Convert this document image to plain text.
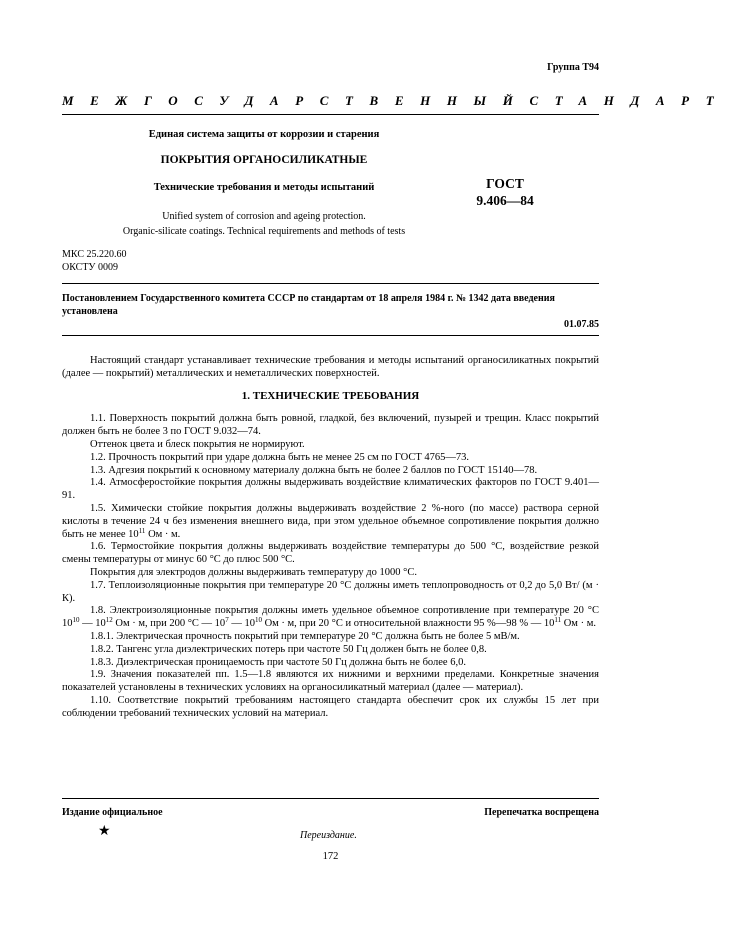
Группа Т94
МЕЖГОСУДАРСТВЕННЫЙ СТАНДАРТ
Единая система защиты от коррозии и старения
ПОКРЫТИЯ ОРГАНОСИЛИКАТНЫЕ
Технические требования и методы испытаний
Unified system of corrosion and ageing protection.
Organic-silicate coatings. Technical requirements and methods of tests
ГОСТ
9.406—84
МКС 25.220.60
ОКСТУ 0009
Постановлением Государственного комитета СССР по стандартам от 18 апреля 1984 г. № 1342 дата введения установлена
01.07.85

Настоящий стандарт устанавливает технические требования и методы испытаний органосиликатных покрытий (далее — покрытий) металлических и неметаллических поверхностей.

1. ТЕХНИЧЕСКИЕ ТРЕБОВАНИЯ

1.1. Поверхность покрытий должна быть ровной, гладкой, без включений, пузырей и трещин. Класс покрытий должен быть не более 3 по ГОСТ 9.032—74.

Оттенок цвета и блеск покрытия не нормируют.

1.2. Прочность покрытий при ударе должна быть не менее 25 см по ГОСТ 4765—73.

1.3. Адгезия покрытий к основному материалу должна быть не более 2 баллов по ГОСТ 15140—78.

1.4. Атмосферостойкие покрытия должны выдерживать воздействие климатических факторов по ГОСТ 9.401—91.

1.5. Химически стойкие покрытия должны выдерживать воздействие 2 %-ного (по массе) раствора серной кислоты в течение 24 ч без изменения внешнего вида, при этом удельное объемное сопротивление покрытия должно быть не менее $10^{11}$ Ом · м.

1.6. Термостойкие покрытия должны выдерживать воздействие температуры до 500 °С, воздействие резкой смены температуры от минус 60 °С до плюс 500 °С.

Покрытия для электродов должны выдерживать температуру до 1000 °С.

1.7. Теплоизоляционные покрытия при температуре 20 °С должны иметь теплопроводность от 0,2 до 5,0 Вт/ (м · К).

1.8. Электроизоляционные покрытия должны иметь удельное объемное сопротивление при температуре 20 °С $10^{10}$ — $10^{12}$ Ом · м, при 200 °С — $10^7$ — $10^{10}$ Ом · м, при 20 °С и относительной влажности 95 %—98 % — $10^{11}$ Ом · м.

1.8.1. Электрическая прочность покрытий при температуре 20 °С должна быть не более 5 мВ/м.

1.8.2. Тангенс угла диэлектрических потерь при частоте 50 Гц должен быть не более 0,8.

1.8.3. Диэлектрическая проницаемость при частоте 50 Гц должна быть не более 6,0.

1.9. Значения показателей пп. 1.5—1.8 являются их нижними и верхними пределами. Конкретные значения показателей установлены в технических условиях на органосиликатный материал (далее — материал).

1.10. Соответствие покрытий требованиям настоящего стандарта обеспечит срок их службы 15 лет при соблюдении требований технических условий на материал.

Издание официальное	Перепечатка воспрещена
★	Переиздание.
172
